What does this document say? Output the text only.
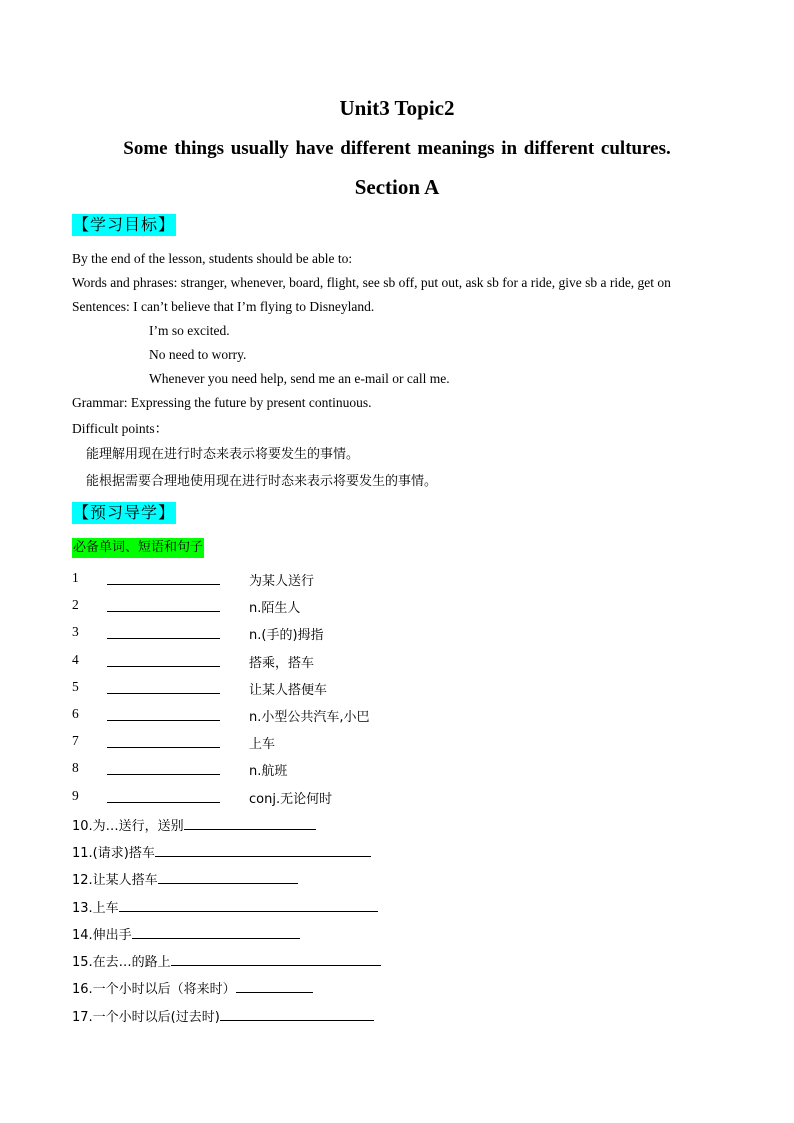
Unit3 Topic2
Some things usually have different meanings in different cultures.
Section A
【学习目标】
By the end of the lesson, students should be able to:
Words and phrases: stranger, whenever, board, flight, see sb off, put out, ask sb for a ride, give sb a ride, get on
Sentences: I can’t believe that I’m flying to Disneyland.
I’m so excited.
No need to worry.
Whenever you need help, send me an e-mail or call me.
Grammar: Expressing the future by present continuous.
Difficult points：
能理解用现在进行时态来表示将要发生的事情。
能根据需要合理地使用现在进行时态来表示将要发生的事情。
【预习导学】
必备单词、短语和句子
1	为某人送行
2	n.陌生人
3	n.(手的)拇指
4	搭乘，搭车
5	让某人搭便车
6	n.小型公共汽车,小巴
7	上车
8	n.航班
9	conj.无论何时
10.为…送行，送别
11.(请求)搭车
12.让某人搭车
13.上车
14.伸出手
15.在去…的路上
16.一个小时以后（将来时）
17.一个小时以后(过去时)
